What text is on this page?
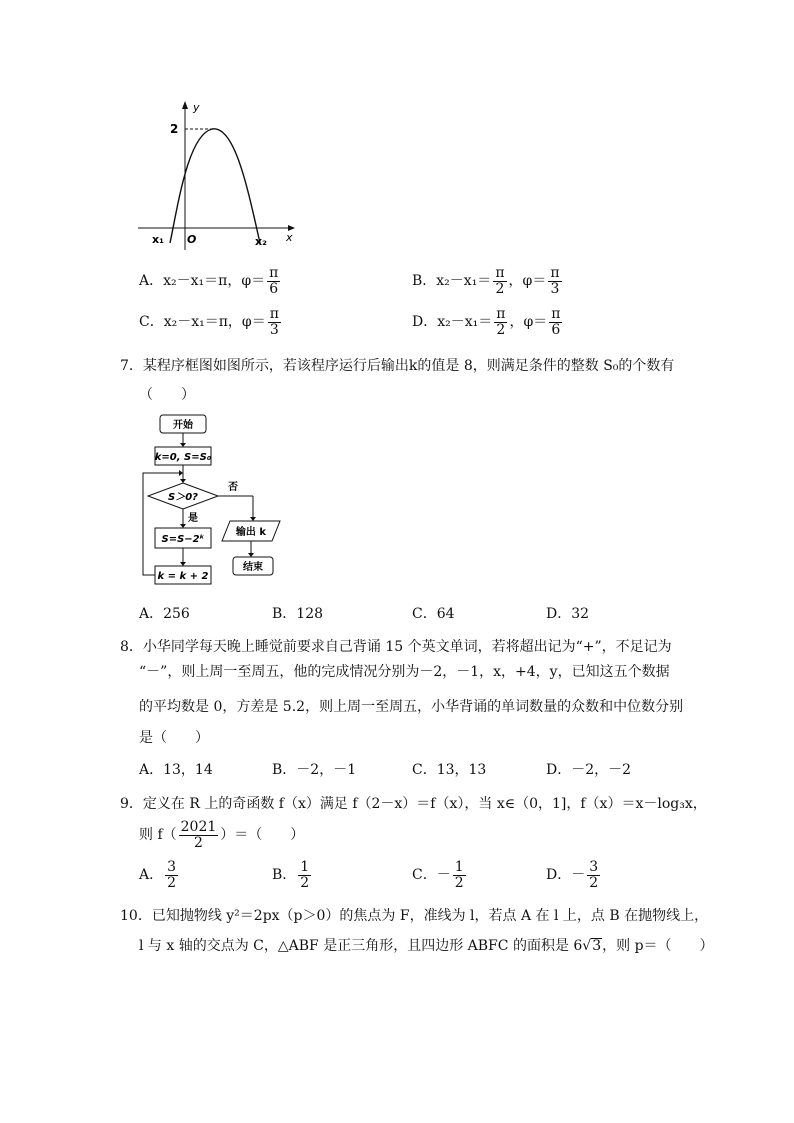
y
x
2
O
x₁	x₂
A．x₂－x₁＝π，$\varphi= \frac{\pi}{6}$	B．$x_2-x_1= \frac{\pi}{2}$ ，$\varphi= \frac{\pi}{3}$
C．x₂－x₁＝π，$\varphi= \frac{\pi}{3}$	D．$x_2-x_1= \frac{\pi}{2}$ ，$\varphi= \frac{\pi}{6}$
7．某程序框图如图所示，若该程序运行后输出k的值是 8，则满足条件的整数 S₀的个数有
（　　）
开始
k=0, S=S₀
S＞0?
否
输出 k
结束
是
S=S−2ᵏ
k = k + 2
A．256	B．128	C．64	D．32
8．小华同学每天晚上睡觉前要求自己背诵 15 个英文单词，若将超出记为“+”，不足记为
“－”，则上周一至周五，他的完成情况分别为－2，－1，x，+4，y，已知这五个数据
的平均数是 0，方差是 5.2，则上周一至周五，小华背诵的单词数量的众数和中位数分别
是（　　）
A．13，14	B．－2，－1	C．13，13	D．－2，－2
9．定义在 R 上的奇函数 f（x）满足 f（2－x）＝f（x），当 x∈（0，1]，f（x）＝x－log₃x，
则 $f( \frac{2021}{2}$ ）＝（　　）
A． $\frac{3}{2}$	B． $\frac{1}{2}$	C．－ $\frac{1}{2}$	D．－ $\frac{3}{2}$
10．已知抛物线 y²＝2px（p＞0）的焦点为 F，准线为 l，若点 A 在 l 上，点 B 在抛物线上，
l 与 x 轴的交点为 C，△ABF 是正三角形，且四边形 ABFC 的面积是 6√3，则 p＝（　　）
